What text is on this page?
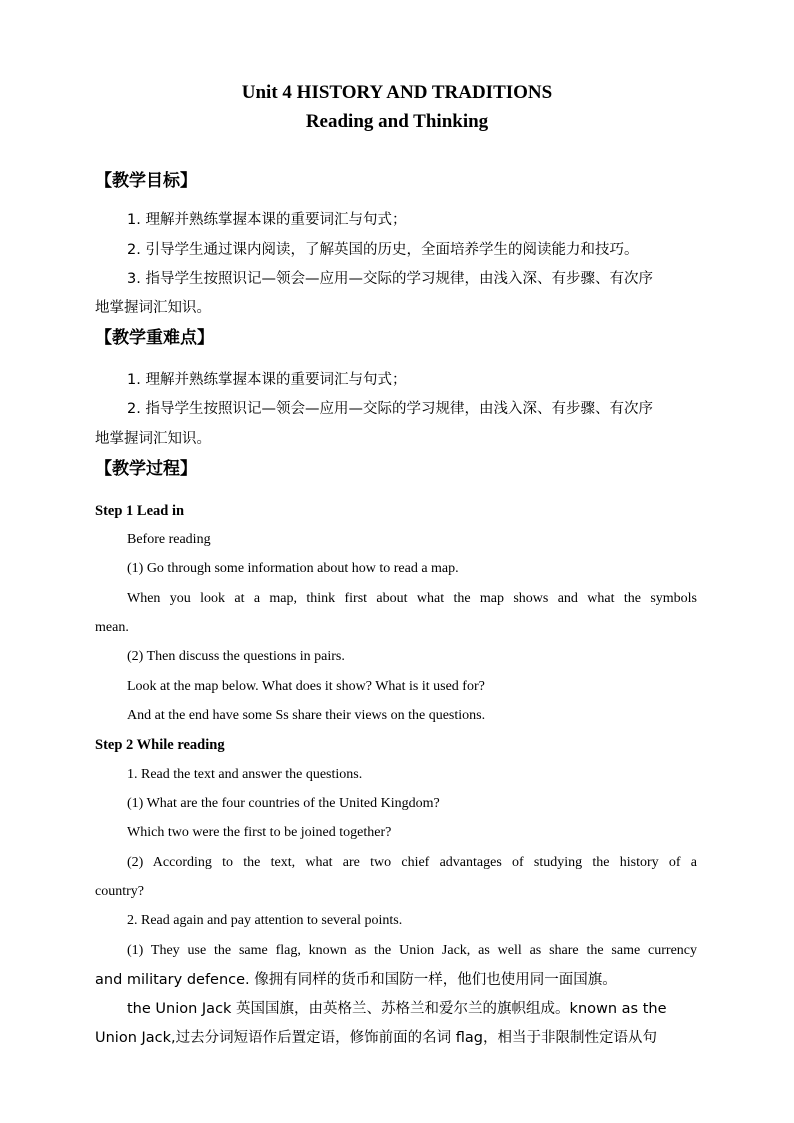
Unit 4 HISTORY AND TRADITIONS
Reading and Thinking
【教学目标】
1. 理解并熟练掌握本课的重要词汇与句式；
2. 引导学生通过课内阅读，了解英国的历史，全面培养学生的阅读能力和技巧。
3. 指导学生按照识记—领会—应用—交际的学习规律，由浅入深、有步骤、有次序
地掌握词汇知识。
【教学重难点】
1. 理解并熟练掌握本课的重要词汇与句式；
2. 指导学生按照识记—领会—应用—交际的学习规律，由浅入深、有步骤、有次序
地掌握词汇知识。
【教学过程】
Step 1 Lead in
Before reading
(1) Go through some information about how to read a map.
When you look at a map, think first about what the map shows and what the symbols
mean.
(2) Then discuss the questions in pairs.
Look at the map below. What does it show? What is it used for?
And at the end have some Ss share their views on the questions.
Step 2 While reading
1. Read the text and answer the questions.
(1) What are the four countries of the United Kingdom?
Which two were the first to be joined together?
(2) According to the text, what are two chief advantages of studying the history of a
country?
2. Read again and pay attention to several points.
(1) They use the same flag, known as the Union Jack, as well as share the same currency
and military defence. 像拥有同样的货币和国防一样，他们也使用同一面国旗。
the Union Jack 英国国旗，由英格兰、苏格兰和爱尔兰的旗帜组成。known as the
Union Jack,过去分词短语作后置定语，修饰前面的名词 flag，相当于非限制性定语从句
